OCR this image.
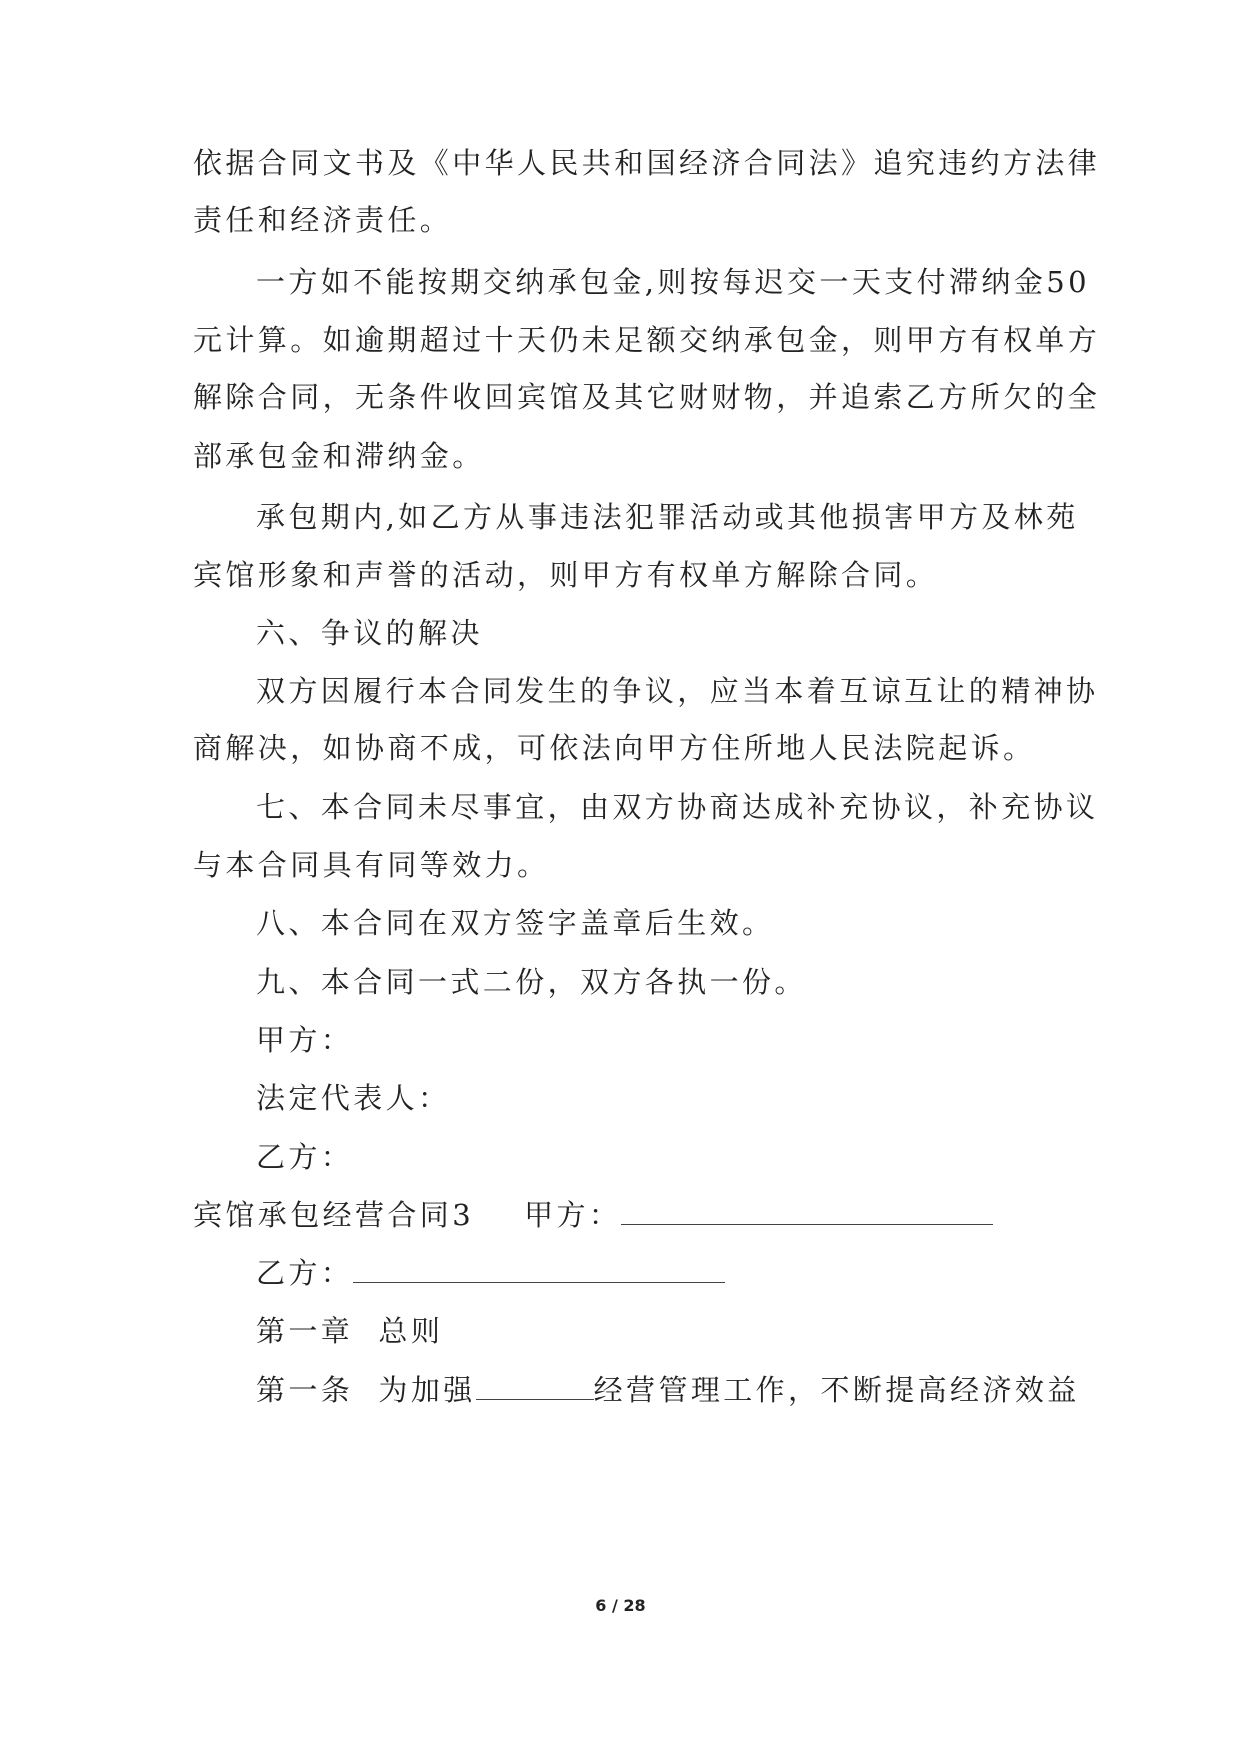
依据合同文书及《中华人民共和国经济合同法》追究违约方法律
责任和经济责任。
一方如不能按期交纳承包金,则按每迟交一天支付滞纳金50
元计算。如逾期超过十天仍未足额交纳承包金，则甲方有权单方
解除合同，无条件收回宾馆及其它财财物，并追索乙方所欠的全
部承包金和滞纳金。
承包期内,如乙方从事违法犯罪活动或其他损害甲方及林苑
宾馆形象和声誉的活动，则甲方有权单方解除合同。
六、争议的解决
双方因履行本合同发生的争议，应当本着互谅互让的精神协
商解决，如协商不成，可依法向甲方住所地人民法院起诉。
七、本合同未尽事宜，由双方协商达成补充协议，补充协议
与本合同具有同等效力。
八、本合同在双方签字盖章后生效。
九、本合同一式二份，双方各执一份。
甲方：
法定代表人：
乙方：
宾馆承包经营合同3 甲方：
乙方：
第一章  总则
第一条  为加强	经营管理工作，不断提高经济效益
6 / 28
